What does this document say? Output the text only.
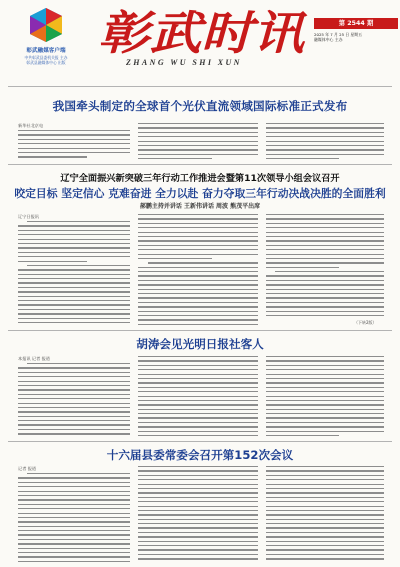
彰武融媒客户端
中共彰武县委机关报 主办
彰武县融媒体中心 出版
彰武时讯
ZHANG WU SHI XUN
第 2544 期
2025 年 7 月 25 日 星期五
融媒体中心 主办
我国牵头制定的全球首个光伏直流领域国际标准正式发布
新华社北京电
辽宁全面振兴新突破三年行动工作推进会暨第11次领导小组会议召开
咬定目标 坚定信心 克难奋进 全力以赴 奋力夺取三年行动决战决胜的全面胜利
郝鹏主持并讲话 王新伟讲话 周波 熊茂平出席
辽宁日报讯
（下转2版）
胡涛会见光明日报社客人
本报讯 记者 报道
十六届县委常委会召开第152次会议
记者 报道
